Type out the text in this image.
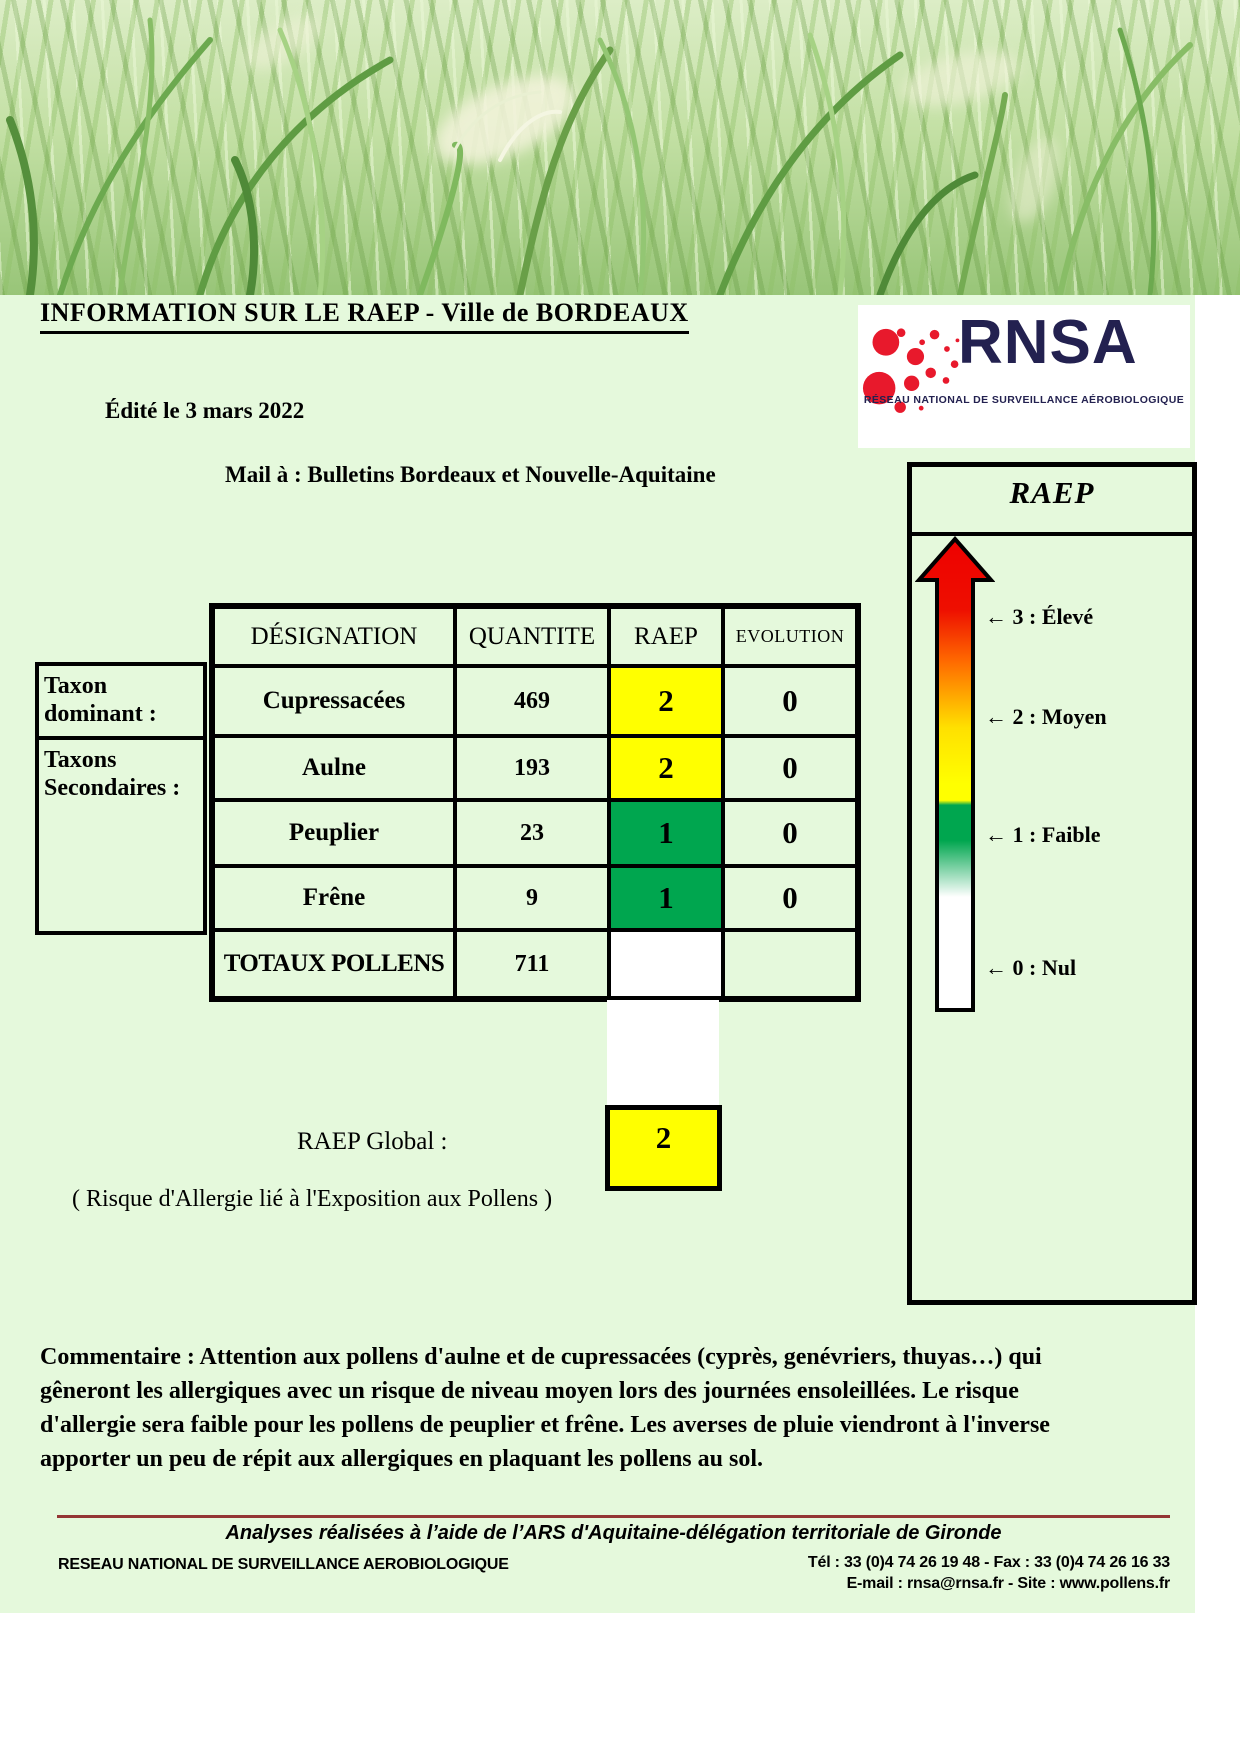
INFORMATION SUR LE RAEP - Ville de BORDEAUX
Édité le 3 mars 2022
Mail à : Bulletins Bordeaux et Nouvelle-Aquitaine
RNSA
RÉSEAU NATIONAL DE SURVEILLANCE AÉROBIOLOGIQUE
RAEP
← 3 : Élevé
← 2 : Moyen
← 1 : Faible
← 0 : Nul
Taxon dominant :
Taxons Secondaires :
DÉSIGNATION	QUANTITE	RAEP	EVOLUTION
Cupressacées	469	2	0
Aulne	193	2	0
Peuplier	23	1	0
Frêne	9	1	0
TOTAUX POLLENS	711		
RAEP Global :	2
( Risque d'Allergie lié à l'Exposition aux Pollens )
Commentaire : Attention aux pollens d'aulne et de cupressacées (cyprès, genévriers, thuyas…) qui gêneront les allergiques avec un risque de niveau moyen lors des journées ensoleillées. Le risque d'allergie sera faible pour les pollens de peuplier et frêne. Les averses de pluie viendront à l'inverse apporter un peu de répit aux allergiques en plaquant les pollens au sol.
Analyses réalisées à l’aide de l’ARS d'Aquitaine-délégation territoriale de Gironde
RESEAU NATIONAL DE SURVEILLANCE AEROBIOLOGIQUE	Tél : 33 (0)4 74 26 19 48 - Fax : 33 (0)4 74 26 16 33
E-mail : rnsa@rnsa.fr - Site : www.pollens.fr
